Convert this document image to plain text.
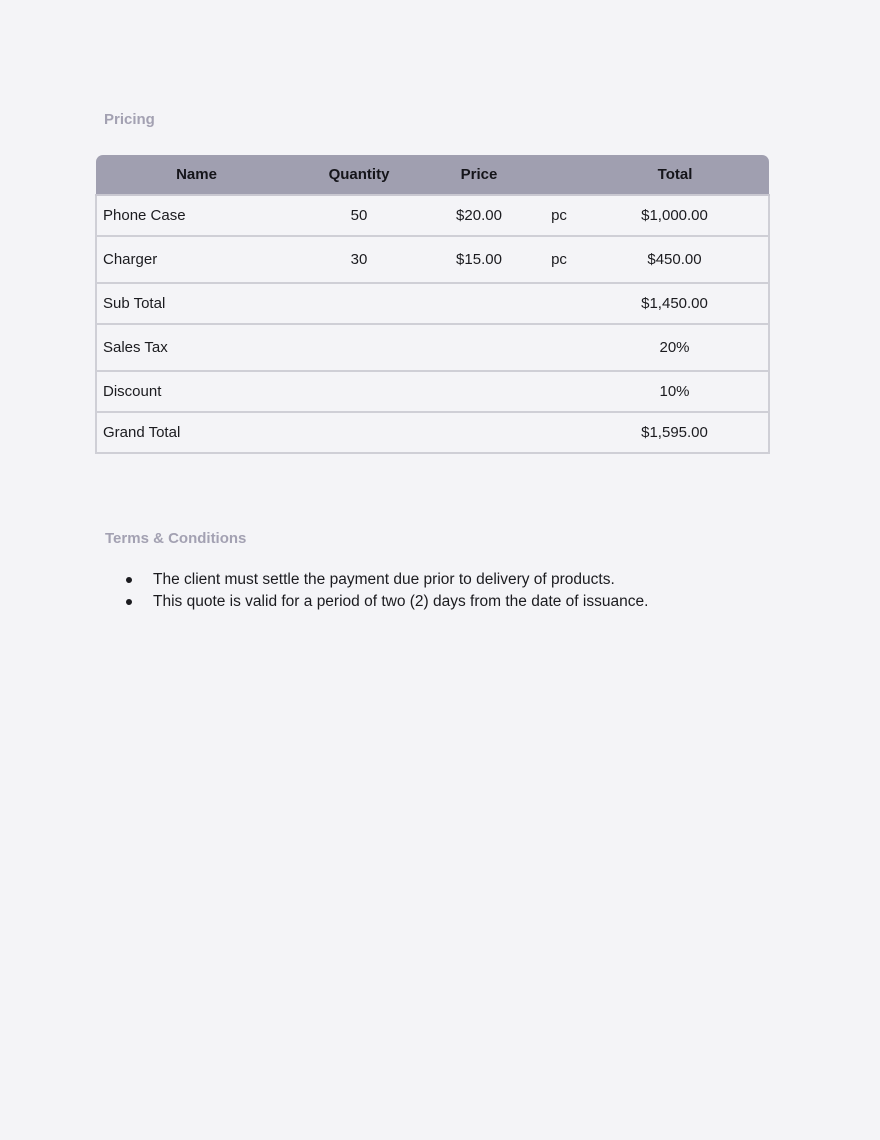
Pricing
Name	Quantity	Price		Total
Phone Case	50	$20.00	pc	$1,000.00
Charger	30	$15.00	pc	$450.00
Sub Total				$1,450.00
Sales Tax				20%
Discount				10%
Grand Total				$1,595.00
Terms & Conditions
The client must settle the payment due prior to delivery of products.
This quote is valid for a period of two (2) days from the date of issuance.
